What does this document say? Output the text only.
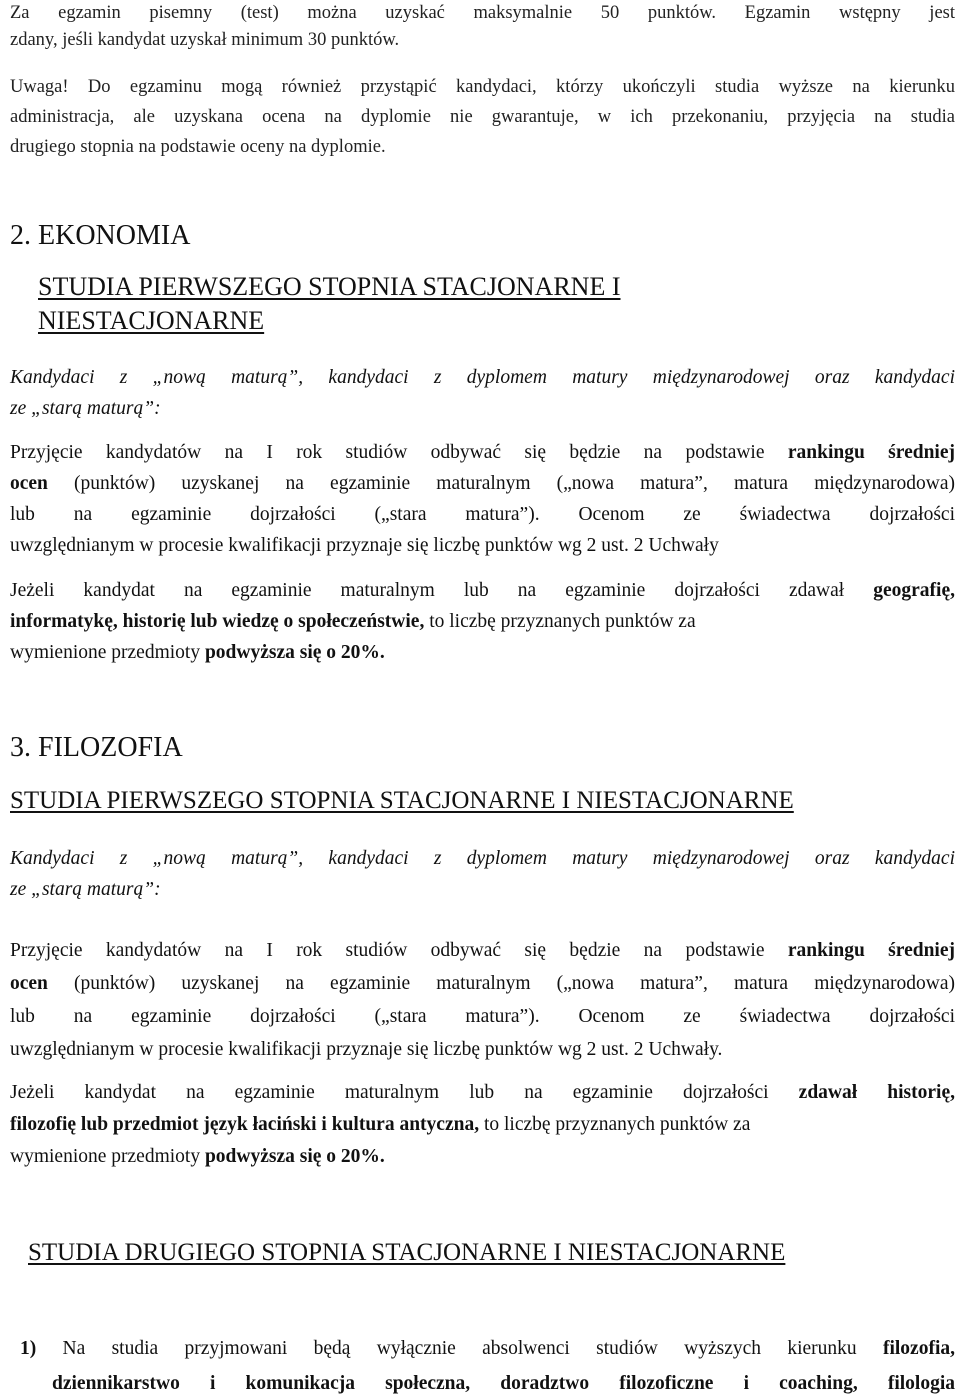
Za egzamin pisemny (test) można uzyskać maksymalnie 50 punktów. Egzamin wstępny jest
zdany, jeśli kandydat uzyskał minimum 30 punktów.
Uwaga! Do egzaminu mogą również przystąpić kandydaci, którzy ukończyli studia wyższe na kierunku
administracja, ale uzyskana ocena na dyplomie nie gwarantuje, w ich przekonaniu, przyjęcia na studia
drugiego stopnia na podstawie oceny na dyplomie.
2. EKONOMIA
STUDIA PIERWSZEGO STOPNIA STACJONARNE I
NIESTACJONARNE
Kandydaci z „nową maturą”, kandydaci z dyplomem matury międzynarodowej oraz kandydaci
ze „starą maturą”:
Przyjęcie kandydatów na I rok studiów odbywać się będzie na podstawie rankingu średniej
ocen (punktów) uzyskanej na egzaminie maturalnym („nowa matura”, matura międzynarodowa)
lub na egzaminie dojrzałości („stara matura”). Ocenom ze świadectwa dojrzałości
uwzględnianym w procesie kwalifikacji przyznaje się liczbę punktów wg 2 ust. 2 Uchwały
Jeżeli kandydat na egzaminie maturalnym lub na egzaminie dojrzałości zdawał geografię,
informatykę, historię lub wiedzę o społeczeństwie, to liczbę przyznanych punktów za
wymienione przedmioty podwyższa się o 20%.
3. FILOZOFIA
STUDIA PIERWSZEGO STOPNIA STACJONARNE I NIESTACJONARNE
Kandydaci z „nową maturą”, kandydaci z dyplomem matury międzynarodowej oraz kandydaci
ze „starą maturą”:
Przyjęcie kandydatów na I rok studiów odbywać się będzie na podstawie rankingu średniej
ocen (punktów) uzyskanej na egzaminie maturalnym („nowa matura”, matura międzynarodowa)
lub na egzaminie dojrzałości („stara matura”). Ocenom ze świadectwa dojrzałości
uwzględnianym w procesie kwalifikacji przyznaje się liczbę punktów wg 2 ust. 2 Uchwały.
Jeżeli kandydat na egzaminie maturalnym lub na egzaminie dojrzałości zdawał historię,
filozofię lub przedmiot język łaciński i kultura antyczna, to liczbę przyznanych punktów za
wymienione przedmioty podwyższa się o 20%.
STUDIA DRUGIEGO STOPNIA STACJONARNE I NIESTACJONARNE
1) Na studia przyjmowani będą wyłącznie absolwenci studiów wyższych kierunku filozofia,
dziennikarstwo i komunikacja społeczna, doradztwo filozoficzne i coaching, filologia
